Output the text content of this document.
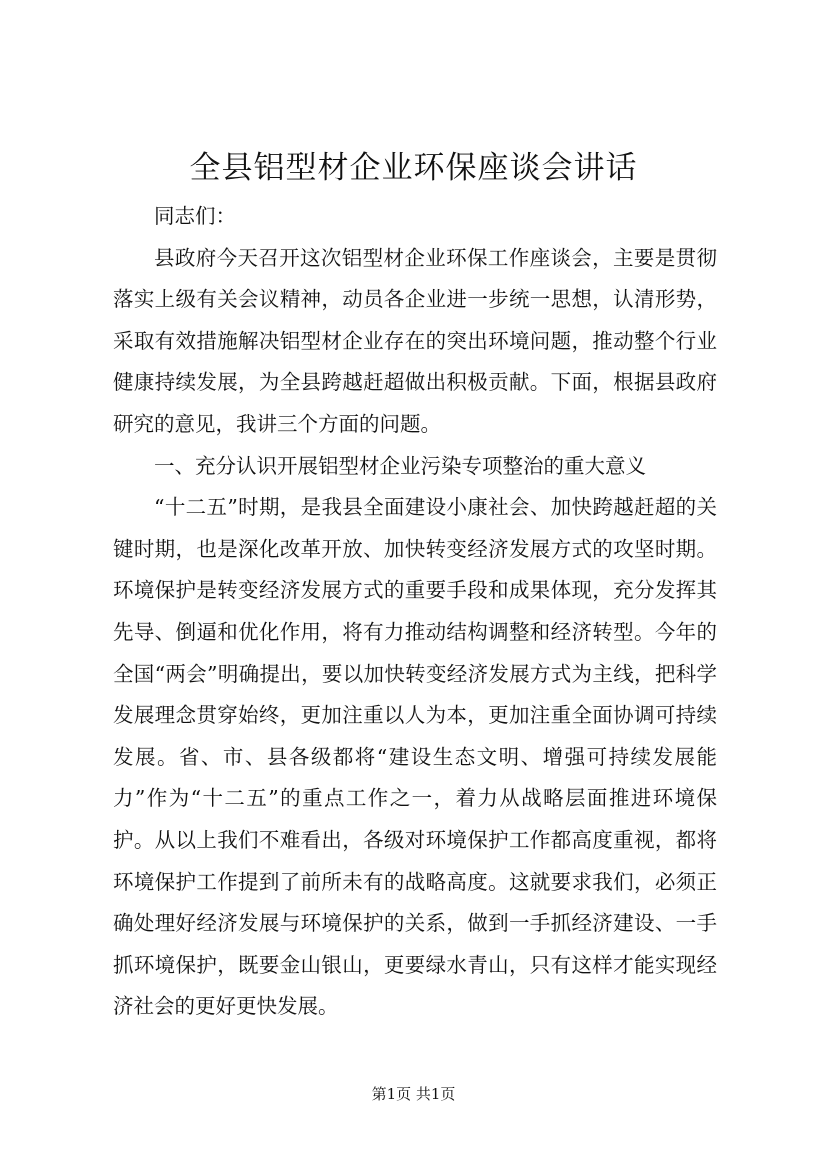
全县铝型材企业环保座谈会讲话

同志们：

县政府今天召开这次铝型材企业环保工作座谈会，主要是贯彻落实上级有关会议精神，动员各企业进一步统一思想，认清形势，采取有效措施解决铝型材企业存在的突出环境问题，推动整个行业健康持续发展，为全县跨越赶超做出积极贡献。下面，根据县政府研究的意见，我讲三个方面的问题。

一、充分认识开展铝型材企业污染专项整治的重大意义

“十二五”时期，是我县全面建设小康社会、加快跨越赶超的关键时期，也是深化改革开放、加快转变经济发展方式的攻坚时期。环境保护是转变经济发展方式的重要手段和成果体现，充分发挥其先导、倒逼和优化作用，将有力推动结构调整和经济转型。今年的全国“两会”明确提出，要以加快转变经济发展方式为主线，把科学发展理念贯穿始终，更加注重以人为本，更加注重全面协调可持续发展。省、市、县各级都将“建设生态文明、增强可持续发展能力”作为“十二五”的重点工作之一，着力从战略层面推进环境保护。从以上我们不难看出，各级对环境保护工作都高度重视，都将环境保护工作提到了前所未有的战略高度。这就要求我们，必须正确处理好经济发展与环境保护的关系，做到一手抓经济建设、一手抓环境保护，既要金山银山，更要绿水青山，只有这样才能实现经济社会的更好更快发展。

第1页 共1页
